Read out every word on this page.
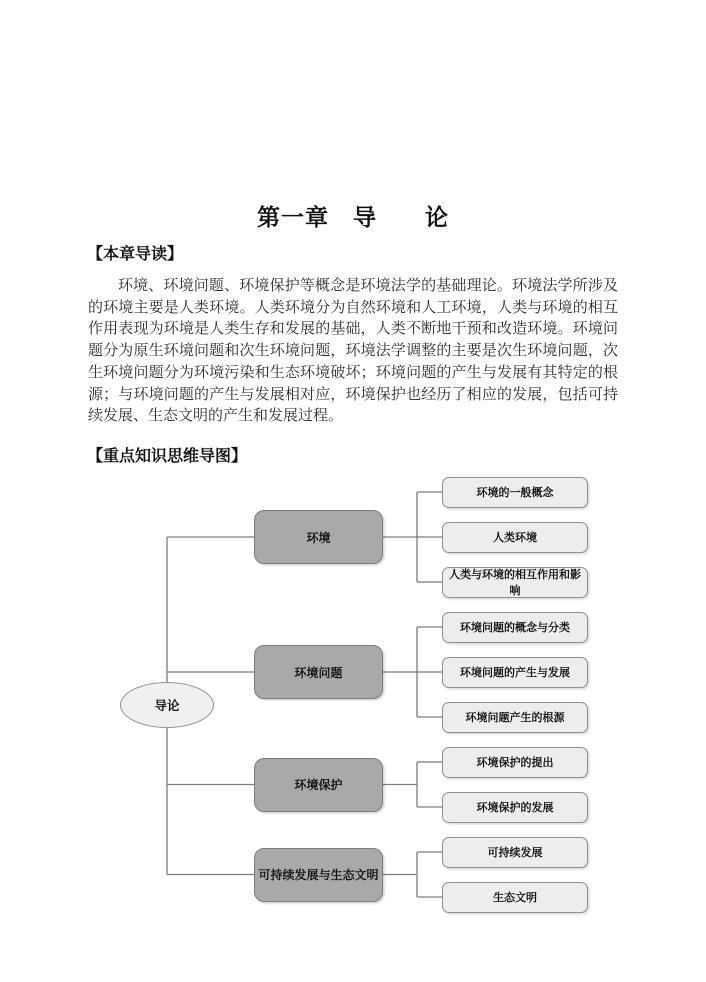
第一章　导　　论
【本章导读】

环境、环境问题、环境保护等概念是环境法学的基础理论。环境法学所涉及的环境主要是人类环境。人类环境分为自然环境和人工环境，人类与环境的相互作用表现为环境是人类生存和发展的基础，人类不断地干预和改造环境。环境问题分为原生环境问题和次生环境问题，环境法学调整的主要是次生环境问题，次生环境问题分为环境污染和生态环境破坏；环境问题的产生与发展有其特定的根源；与环境问题的产生与发展相对应，环境保护也经历了相应的发展，包括可持续发展、生态文明的产生和发展过程。

【重点知识思维导图】
环境的一般概念
人类环境
人类与环境的相互作用和影响
环境
环境问题的概念与分类
环境问题的产生与发展
环境问题产生的根源
环境问题
环境保护的提出
环境保护的发展
环境保护
可持续发展
生态文明
可持续发展与生态文明
导论
